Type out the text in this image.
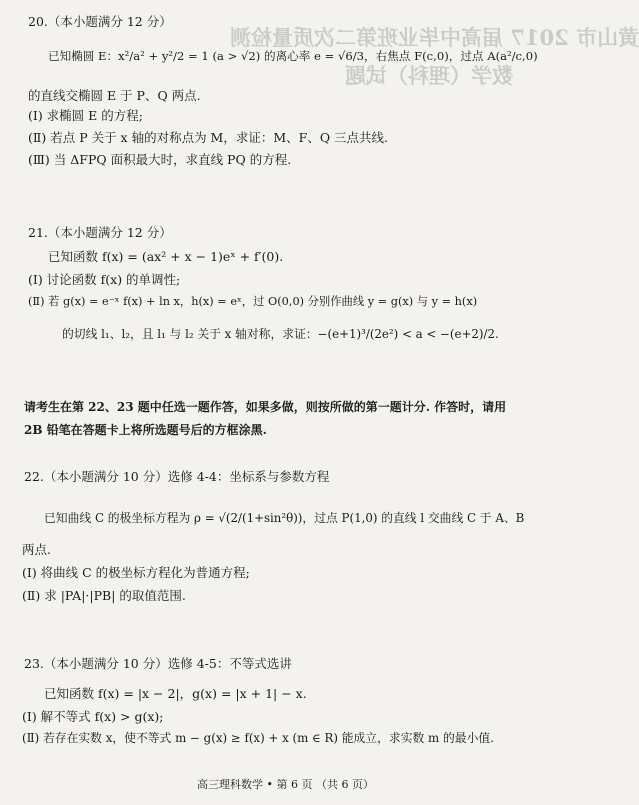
黄山市 2017 届高中毕业班第二次质量检测
数学（理科）试题
20.（本小题满分 12 分）
已知椭圆 E：x²/a² + y²/2 = 1 (a > √2) 的离心率 e = √6/3，右焦点 F(c,0)，过点 A(a²/c,0)
的直线交椭圆 E 于 P、Q 两点.
(Ⅰ) 求椭圆 E 的方程;
(Ⅱ) 若点 P 关于 x 轴的对称点为 M，求证：M、F、Q 三点共线.
(Ⅲ) 当 ΔFPQ 面积最大时，求直线 PQ 的方程.
21.（本小题满分 12 分）
已知函数 f(x) = (ax² + x − 1)eˣ + f′(0).
(Ⅰ) 讨论函数 f(x) 的单调性;
(Ⅱ) 若 g(x) = e⁻ˣ f(x) + ln x，h(x) = eˣ，过 O(0,0) 分别作曲线 y = g(x) 与 y = h(x)
的切线 l₁、l₂，且 l₁ 与 l₂ 关于 x 轴对称，求证：−(e+1)³/(2e²) < a < −(e+2)/2.
请考生在第 22、23 题中任选一题作答，如果多做，则按所做的第一题计分. 作答时，请用
2B 铅笔在答题卡上将所选题号后的方框涂黑.
22.（本小题满分 10 分）选修 4-4：坐标系与参数方程
已知曲线 C 的极坐标方程为 ρ = √(2/(1+sin²θ))，过点 P(1,0) 的直线 l 交曲线 C 于 A、B
两点.
(Ⅰ) 将曲线 C 的极坐标方程化为普通方程;
(Ⅱ) 求 |PA|·|PB| 的取值范围.
23.（本小题满分 10 分）选修 4-5：不等式选讲
已知函数 f(x) = |x − 2|，g(x) = |x + 1| − x.
(Ⅰ) 解不等式 f(x) > g(x);
(Ⅱ) 若存在实数 x，使不等式 m − g(x) ≥ f(x) + x (m ∈ R) 能成立，求实数 m 的最小值.
高三理科数学 • 第 6 页 （共 6 页）
